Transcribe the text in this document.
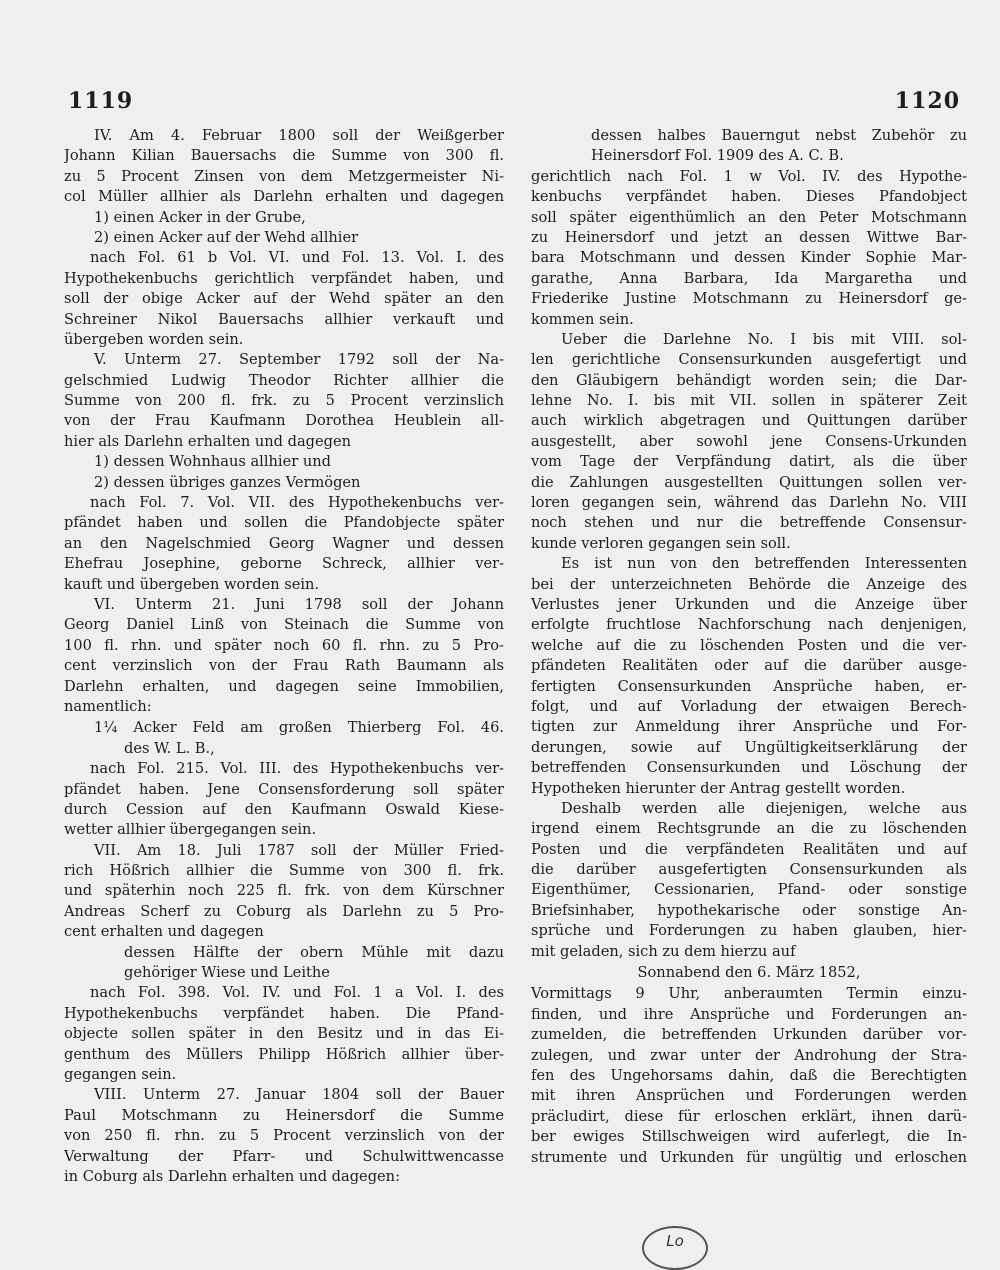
1119	1120
IV. Am 4. Februar 1800 soll der Weißgerber
Johann Kilian Bauersachs die Summe von 300 fl.
zu 5 Procent Zinsen von dem Metzgermeister Ni-
col Müller allhier als Darlehn erhalten und dagegen
1) einen Acker in der Grube,
2) einen Acker auf der Wehd allhier
nach Fol. 61 b Vol. VI. und Fol. 13. Vol. I. des
Hypothekenbuchs gerichtlich verpfändet haben, und
soll der obige Acker auf der Wehd später an den
Schreiner Nikol Bauersachs allhier verkauft und
übergeben worden sein.
V. Unterm 27. September 1792 soll der Na-
gelschmied Ludwig Theodor Richter allhier die
Summe von 200 fl. frk. zu 5 Procent verzinslich
von der Frau Kaufmann Dorothea Heublein all-
hier als Darlehn erhalten und dagegen
1) dessen Wohnhaus allhier und
2) dessen übriges ganzes Vermögen
nach Fol. 7. Vol. VII. des Hypothekenbuchs ver-
pfändet haben und sollen die Pfandobjecte später
an den Nagelschmied Georg Wagner und dessen
Ehefrau Josephine, geborne Schreck, allhier ver-
kauft und übergeben worden sein.
VI. Unterm 21. Juni 1798 soll der Johann
Georg Daniel Linß von Steinach die Summe von
100 fl. rhn. und später noch 60 fl. rhn. zu 5 Pro-
cent verzinslich von der Frau Rath Baumann als
Darlehn erhalten, und dagegen seine Immobilien,
namentlich:
1¼ Acker Feld am großen Thierberg Fol. 46.
des W. L. B.,
nach Fol. 215. Vol. III. des Hypothekenbuchs ver-
pfändet haben. Jene Consensforderung soll später
durch Cession auf den Kaufmann Oswald Kiese-
wetter allhier übergegangen sein.
VII. Am 18. Juli 1787 soll der Müller Fried-
rich Hößrich allhier die Summe von 300 fl. frk.
und späterhin noch 225 fl. frk. von dem Kürschner
Andreas Scherf zu Coburg als Darlehn zu 5 Pro-
cent erhalten und dagegen
dessen Hälfte der obern Mühle mit dazu
gehöriger Wiese und Leithe
nach Fol. 398. Vol. IV. und Fol. 1 a Vol. I. des
Hypothekenbuchs verpfändet haben. Die Pfand-
objecte sollen später in den Besitz und in das Ei-
genthum des Müllers Philipp Hößrich allhier über-
gegangen sein.
VIII. Unterm 27. Januar 1804 soll der Bauer
Paul Motschmann zu Heinersdorf die Summe
von 250 fl. rhn. zu 5 Procent verzinslich von der
Verwaltung der Pfarr- und Schulwittwencasse
in Coburg als Darlehn erhalten und dagegen:
dessen halbes Bauerngut nebst Zubehör zu
Heinersdorf Fol. 1909 des A. C. B.
gerichtlich nach Fol. 1 w Vol. IV. des Hypothe-
kenbuchs verpfändet haben. Dieses Pfandobject
soll später eigenthümlich an den Peter Motschmann
zu Heinersdorf und jetzt an dessen Wittwe Bar-
bara Motschmann und dessen Kinder Sophie Mar-
garathe, Anna Barbara, Ida Margaretha und
Friederike Justine Motschmann zu Heinersdorf ge-
kommen sein.
Ueber die Darlehne No. I bis mit VIII. sol-
len gerichtliche Consensurkunden ausgefertigt und
den Gläubigern behändigt worden sein; die Dar-
lehne No. I. bis mit VII. sollen in späterer Zeit
auch wirklich abgetragen und Quittungen darüber
ausgestellt, aber sowohl jene Consens-Urkunden
vom Tage der Verpfändung datirt, als die über
die Zahlungen ausgestellten Quittungen sollen ver-
loren gegangen sein, während das Darlehn No. VIII
noch stehen und nur die betreffende Consensur-
kunde verloren gegangen sein soll.
Es ist nun von den betreffenden Interessenten
bei der unterzeichneten Behörde die Anzeige des
Verlustes jener Urkunden und die Anzeige über
erfolgte fruchtlose Nachforschung nach denjenigen,
welche auf die zu löschenden Posten und die ver-
pfändeten Realitäten oder auf die darüber ausge-
fertigten Consensurkunden Ansprüche haben, er-
folgt, und auf Vorladung der etwaigen Berech-
tigten zur Anmeldung ihrer Ansprüche und For-
derungen, sowie auf Ungültigkeitserklärung der
betreffenden Consensurkunden und Löschung der
Hypotheken hierunter der Antrag gestellt worden.
Deshalb werden alle diejenigen, welche aus
irgend einem Rechtsgrunde an die zu löschenden
Posten und die verpfändeten Realitäten und auf
die darüber ausgefertigten Consensurkunden als
Eigenthümer, Cessionarien, Pfand- oder sonstige
Briefsinhaber, hypothekarische oder sonstige An-
sprüche und Forderungen zu haben glauben, hier-
mit geladen, sich zu dem hierzu auf
Sonnabend den 6. März 1852,
Vormittags 9 Uhr, anberaumten Termin einzu-
finden, und ihre Ansprüche und Forderungen an-
zumelden, die betreffenden Urkunden darüber vor-
zulegen, und zwar unter der Androhung der Stra-
fen des Ungehorsams dahin, daß die Berechtigten
mit ihren Ansprüchen und Forderungen werden
präcludirt, diese für erloschen erklärt, ihnen darü-
ber ewiges Stillschweigen wird auferlegt, die In-
strumente und Urkunden für ungültig und erloschen
Lo
